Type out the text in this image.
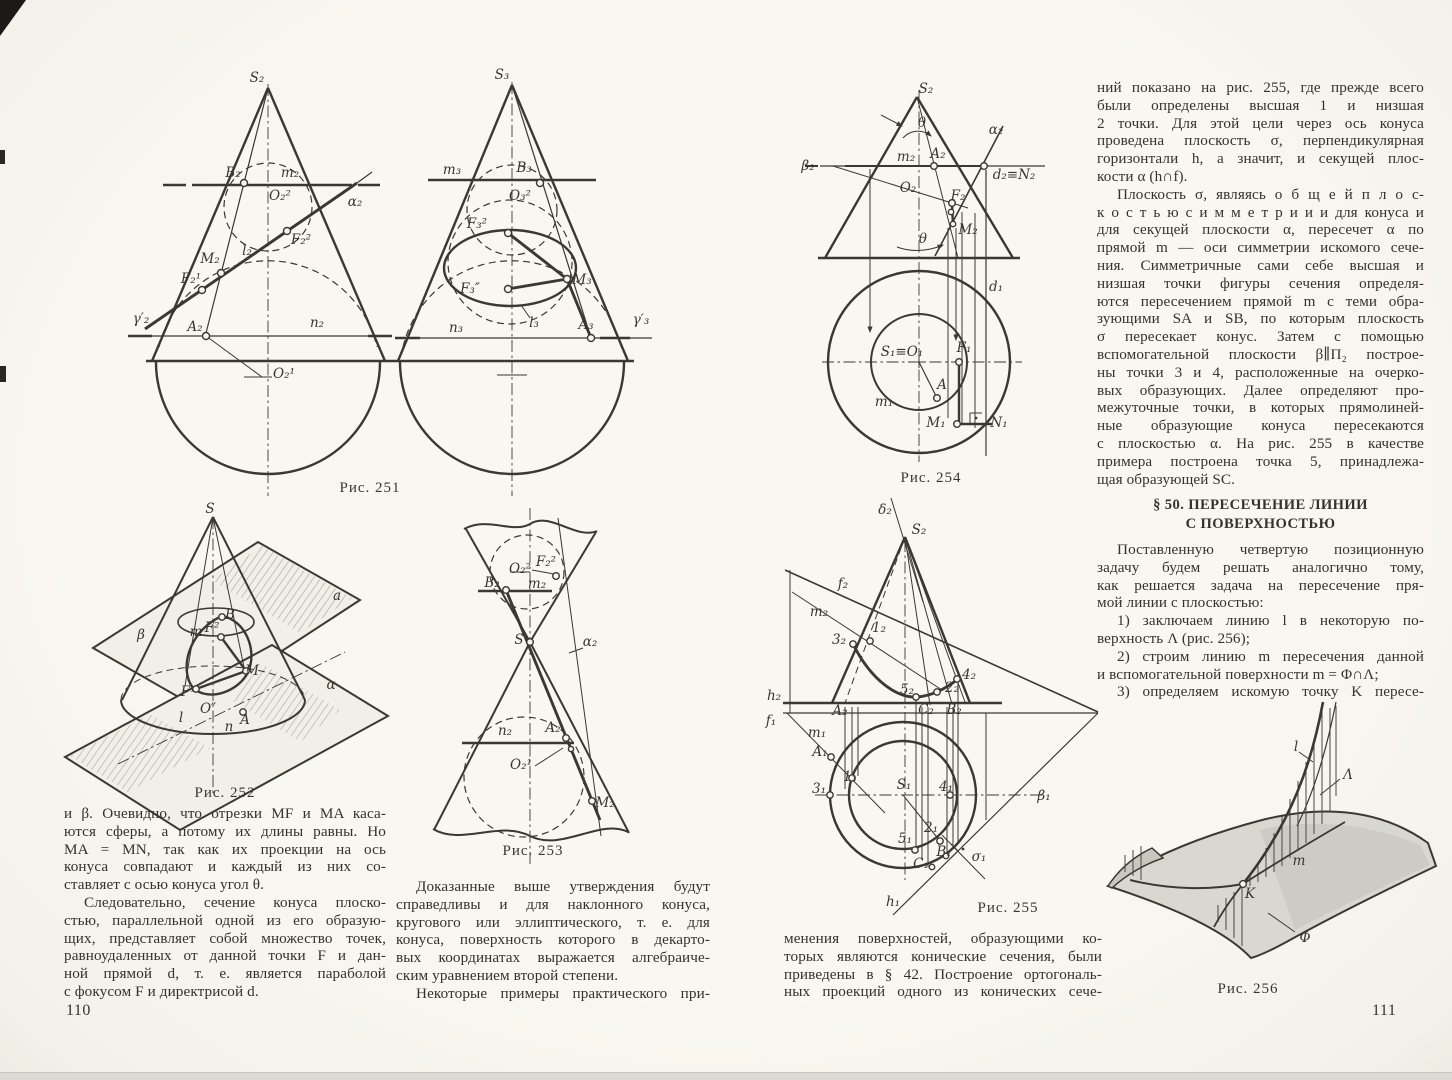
S₂
m₂
B₂
O₂²	α₂
F₂²
l₂
M₂
F₂¹
A₂	n₂
γ′₂
O₂¹
S₃
m₃	B₃
O₃²
F₃²
F₃″
M₃
n₃	l₃	A₃	γ′₃
Рис. 251
S
β
a
α
B
m F²
M
F¹
O″
l
n A
Рис. 252
O₂² F₂²
B₂ m₂
S	α₂
n₂ A₂
O₂¹
M₂
Рис. 253
S₂
θ
β₂
m₂ A₂
α₂
d₂≡N₂
O₂	F₂
M₂
θ
d₁
S₁≡O₁ F₁
A
m₁
M₁	N₁
Рис. 254
δ₂
S₂
f₂
m₂
1₂
3₂
4₂
2₂
5₂
h₂
A₂	C₂ B₂
f₁
m₁
A₁
1₁
3₁	S₁ 4₁
β₁
2₁
5₁
B₁
C₁	σ₁
h₁	Рис. 255
l
Λ
m
K
Φ
Рис. 256
и β. Очевидно, что отрезки MF и MA каса-
ются сферы, а потому их длины равны. Но
MA = MN, так как их проекции на ось
конуса совпадают и каждый из них со-
ставляет с осью конуса угол θ.
Следовательно, сечение конуса плоско-
стью, параллельной одной из его образую-
щих, представляет собой множество точек,
равноудаленных от данной точки F и дан-
ной прямой d, т. е. является параболой
с фокусом F и директрисой d.
Доказанные выше утверждения будут
справедливы и для наклонного конуса,
кругового или эллиптического, т. е. для
конуса, поверхность которого в декарто-
вых координатах выражается алгебраиче-
ским уравнением второй степени.
Некоторые примеры практического при-
менения поверхностей, образующими ко-
торых являются конические сечения, были
приведены в § 42. Построение ортогональ-
ных проекций одного из конических сече-
ний показано на рис. 255, где прежде всего
были определены высшая 1 и низшая
2 точки. Для этой цели через ось конуса
проведена плоскость σ, перпендикулярная
горизонтали h, а значит, и секущей плос-
кости α (h∩f).
Плоскость σ, являясь о б щ е й п л о с-
к о с т ь ю с и м м е т р и и и для конуса и
для секущей плоскости α, пересечет α по
прямой m — оси симметрии искомого сече-
ния. Симметричные сами себе высшая и
низшая точки фигуры сечения определя-
ются пересечением прямой m с теми обра-
зующими SA и SB, по которым плоскость
σ пересекает конус. Затем с помощью
вспомогательной плоскости β∥П₂ построе-
ны точки 3 и 4, расположенные на очерко-
вых образующих. Далее определяют про-
межуточные точки, в которых прямолиней-
ные образующие конуса пересекаются
с плоскостью α. На рис. 255 в качестве
примера построена точка 5, принадлежа-
щая образующей SC.
§ 50. ПЕРЕСЕЧЕНИЕ ЛИНИИ
С ПОВЕРХНОСТЬЮ
Поставленную четвертую позиционную
задачу будем решать аналогично тому,
как решается задача на пересечение пря-
мой линии с плоскостью:
1) заключаем линию l в некоторую по-
верхность Λ (рис. 256);
2) строим линию m пересечения данной
и вспомогательной поверхности m = Φ∩Λ;
3) определяем искомую точку K пересе-
110	111
